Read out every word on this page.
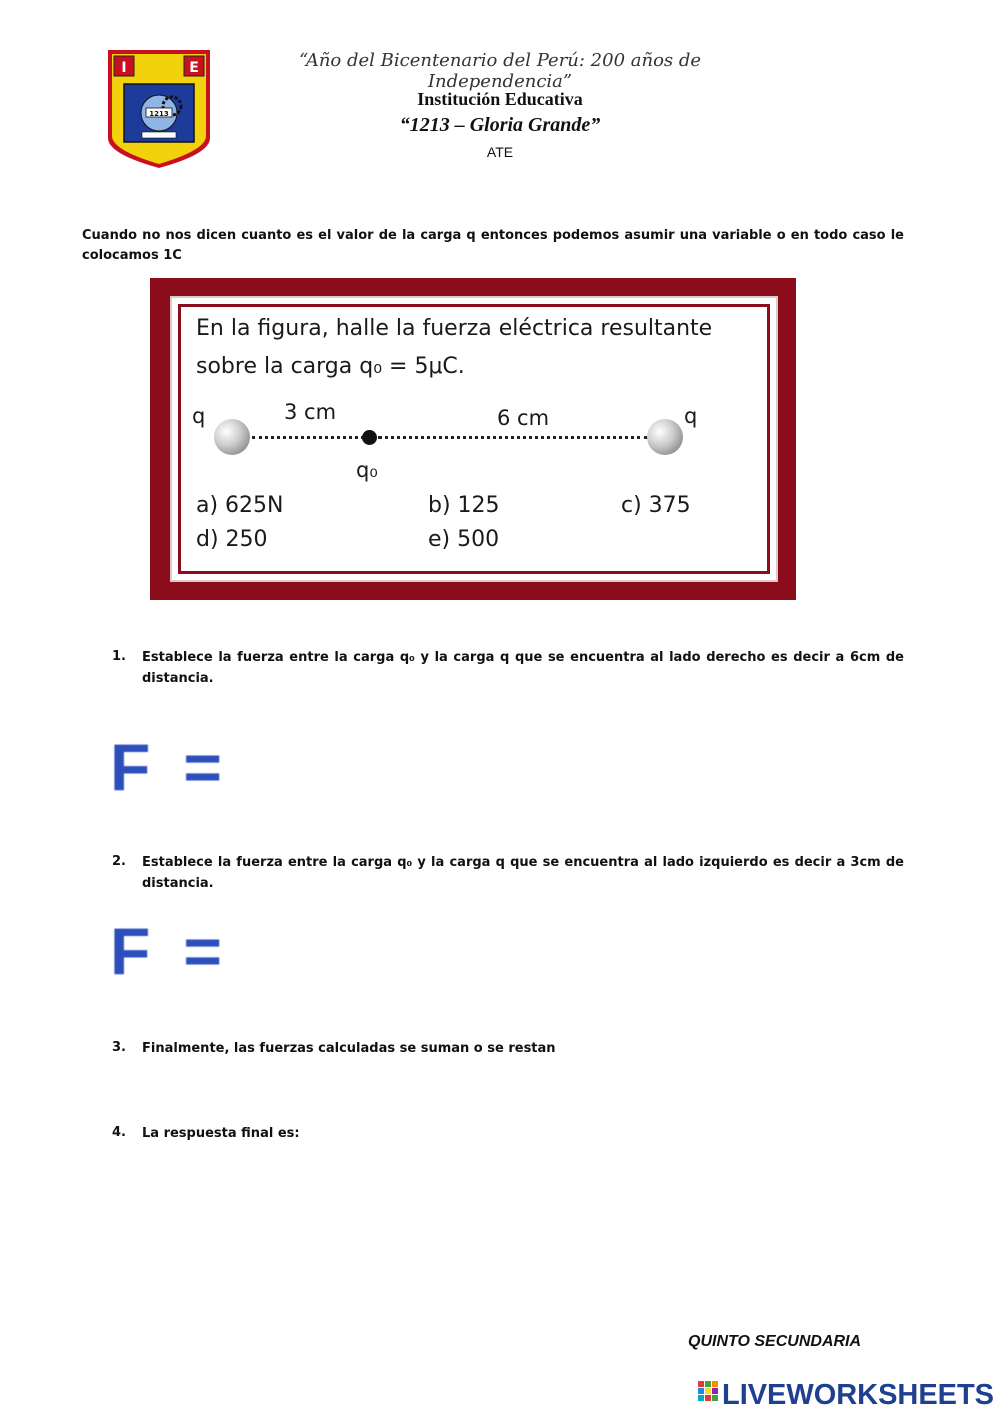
I	E
1213
“Año del Bicentenario del Perú: 200 años de Independencia”
Institución Educativa
“1213 – Gloria Grande”
ATE
Cuando no nos dicen cuanto es el valor de la carga q entonces podemos asumir una variable o en todo caso le colocamos 1C
En la figura, halle la fuerza eléctrica resultante
sobre la carga q₀ = 5μC.
q	3 cm	6 cm	q
q₀
a) 625N	b) 125	c) 375
d) 250	e) 500
1. Establece la fuerza entre la carga q₀ y la carga q que se encuentra al lado derecho es decir a 6cm de distancia.
F =
2. Establece la fuerza entre la carga q₀ y la carga q que se encuentra al lado izquierdo es decir a 3cm de distancia.
F =
3. Finalmente, las fuerzas calculadas se suman o se restan
4. La respuesta final es:
QUINTO SECUNDARIA
LIVEWORKSHEETS
